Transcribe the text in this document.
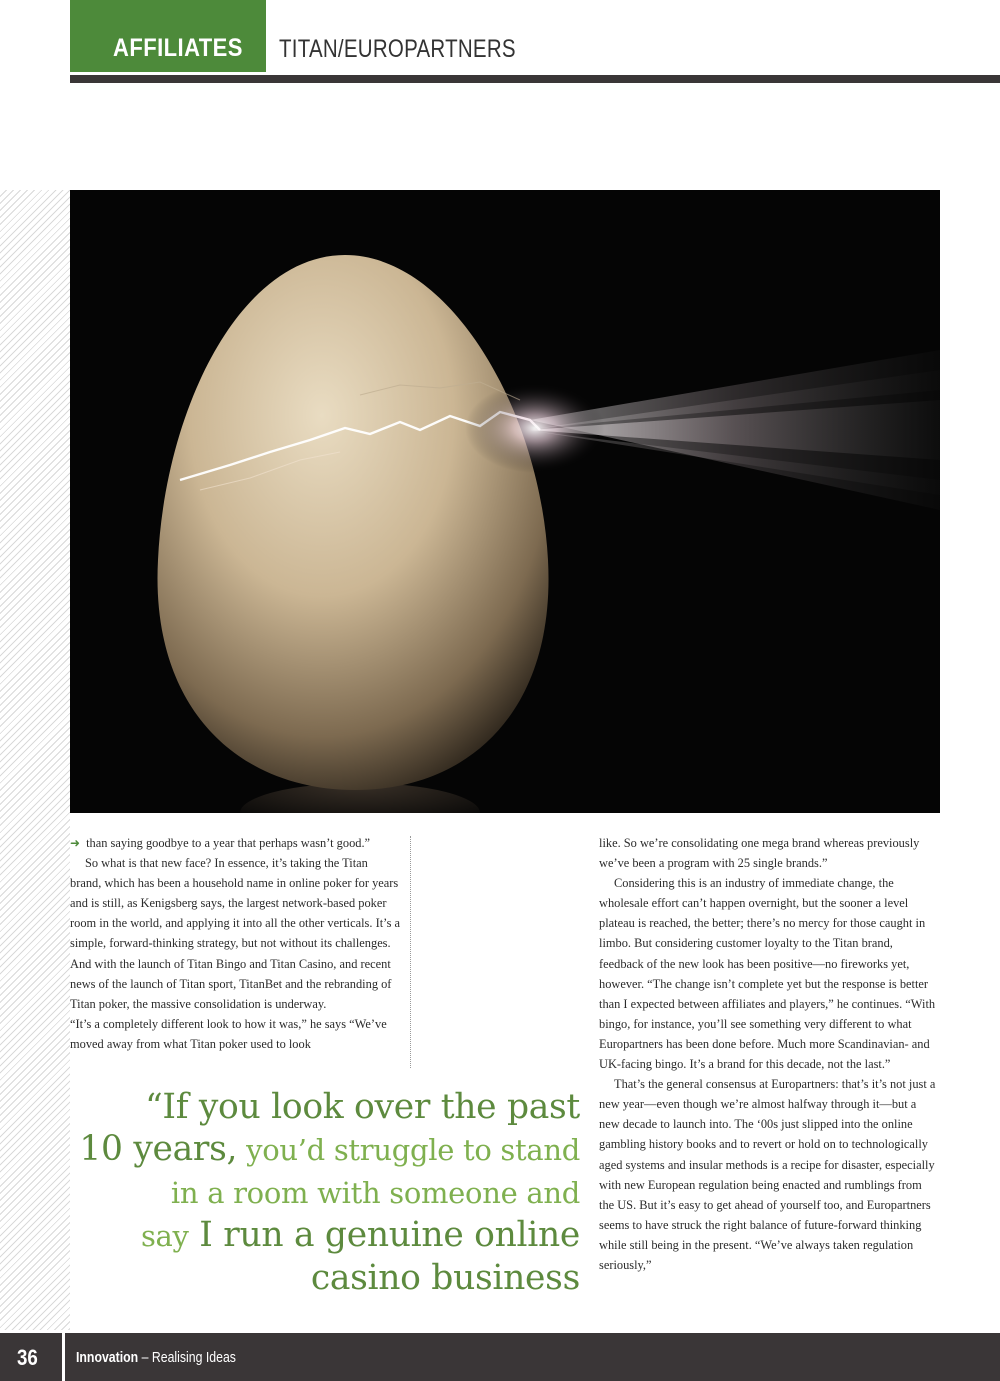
AFFILIATES TITAN/EUROPARTNERS

➜ than saying goodbye to a year that perhaps wasn’t good.”

So what is that new face? In essence, it’s taking the Titan brand, which has been a household name in online poker for years and is still, as Kenigsberg says, the largest network-based poker room in the world, and applying it into all the other verticals. It’s a simple, forward-thinking strategy, but not without its challenges. And with the launch of Titan Bingo and Titan Casino, and recent news of the launch of Titan sport, TitanBet and the rebranding of Titan poker, the massive consolidation is underway.

“It’s a completely different look to how it was,” he says “We’ve moved away from what Titan poker used to look

like. So we’re consolidating one mega brand whereas previously we’ve been a program with 25 single brands.”

Considering this is an industry of immediate change, the wholesale effort can’t happen overnight, but the sooner a level plateau is reached, the better; there’s no mercy for those caught in limbo. But considering customer loyalty to the Titan brand, feedback of the new look has been positive—no fireworks yet, however. “The change isn’t complete yet but the response is better than I expected between affiliates and players,” he continues. “With bingo, for instance, you’ll see something very different to what Europartners has been done before. Much more Scandinavian- and UK-facing bingo. It’s a brand for this decade, not the last.”

That’s the general consensus at Europartners: that’s it’s not just a new year—even though we’re almost halfway through it—but a new decade to launch into. The ‘00s just slipped into the online gambling history books and to revert or hold on to technologically aged systems and insular methods is a recipe for disaster, especially with new European regulation being enacted and rumblings from the US. But it’s easy to get ahead of yourself too, and Europartners seems to have struck the right balance of future-forward thinking while still being in the present. “We’ve always taken regulation seriously,”

“If you look over the past
10 years, you’d struggle to stand
in a room with someone and
say I run a genuine online
casino business
36	Innovation – Realising Ideas
